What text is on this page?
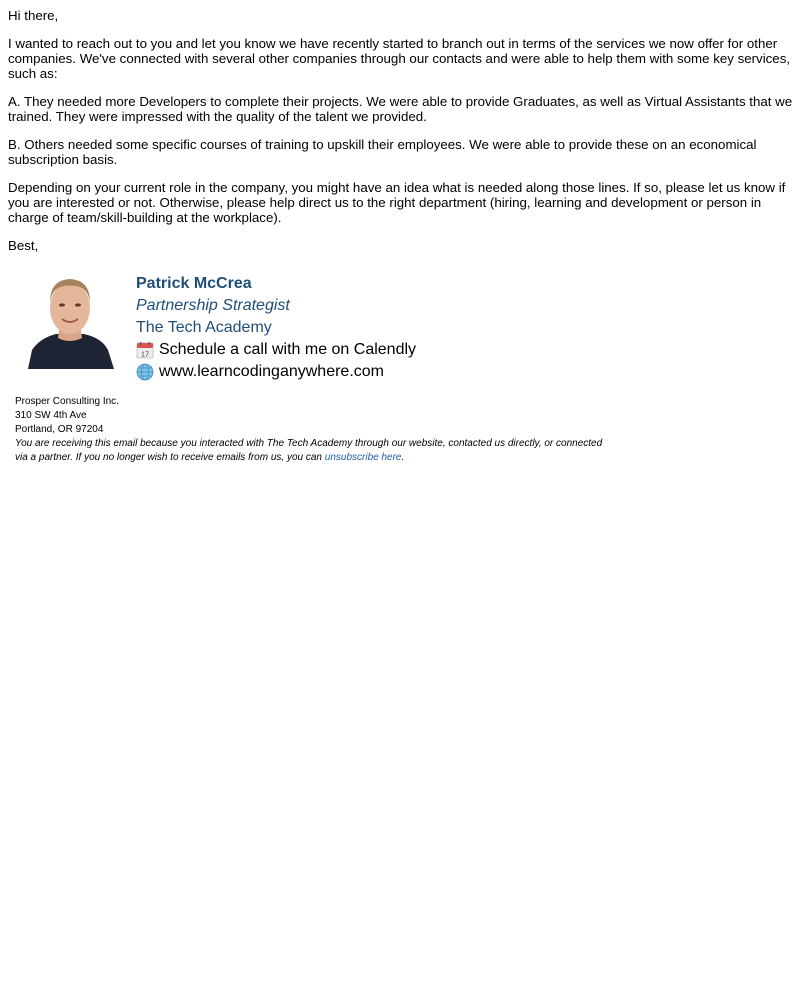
Hi there,

I wanted to reach out to you and let you know we have recently started to branch out in terms of the services we now offer for other companies. We've connected with several other companies through our contacts and were able to help them with some key services, such as:

A. They needed more Developers to complete their projects. We were able to provide Graduates, as well as Virtual Assistants that we trained. They were impressed with the quality of the talent we provided.

B. Others needed some specific courses of training to upskill their employees. We were able to provide these on an economical subscription basis.

Depending on your current role in the company, you might have an idea what is needed along those lines. If so, please let us know if you are interested or not. Otherwise, please help direct us to the right department (hiring, learning and development or person in charge of team/skill-building at the workplace).

Best,

Patrick McCrea
Partnership Strategist
The Tech Academy
17 Schedule a call with me on Calendly
www.learncodinganywhere.com
Prosper Consulting Inc.
310 SW 4th Ave
Portland, OR 97204
You are receiving this email because you interacted with The Tech Academy through our website, contacted us directly, or connected via a partner. If you no longer wish to receive emails from us, you can unsubscribe here.
